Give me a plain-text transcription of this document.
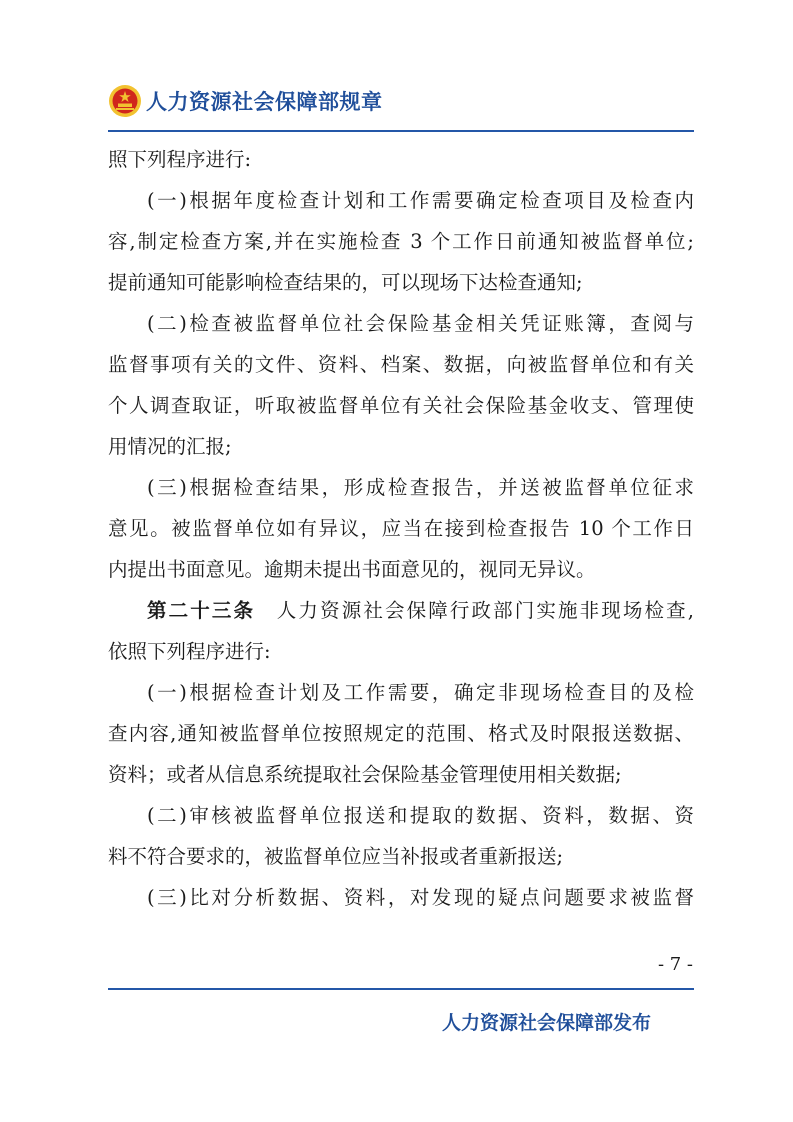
人力资源社会保障部规章
照下列程序进行:
(一)根据年度检查计划和工作需要确定检查项目及检查内
容,制定检查方案,并在实施检查 3 个工作日前通知被监督单位;
提前通知可能影响检查结果的，可以现场下达检查通知;
(二)检查被监督单位社会保险基金相关凭证账簿，查阅与
监督事项有关的文件、资料、档案、数据，向被监督单位和有关
个人调查取证，听取被监督单位有关社会保险基金收支、管理使
用情况的汇报;
(三)根据检查结果，形成检查报告，并送被监督单位征求
意见。被监督单位如有异议，应当在接到检查报告 10 个工作日
内提出书面意见。逾期未提出书面意见的，视同无异议。
第二十三条 人力资源社会保障行政部门实施非现场检查,
依照下列程序进行:
(一)根据检查计划及工作需要，确定非现场检查目的及检
查内容,通知被监督单位按照规定的范围、格式及时限报送数据、
资料；或者从信息系统提取社会保险基金管理使用相关数据;
(二)审核被监督单位报送和提取的数据、资料，数据、资
料不符合要求的，被监督单位应当补报或者重新报送;
(三)比对分析数据、资料，对发现的疑点问题要求被监督
- 7 -
人力资源社会保障部发布
